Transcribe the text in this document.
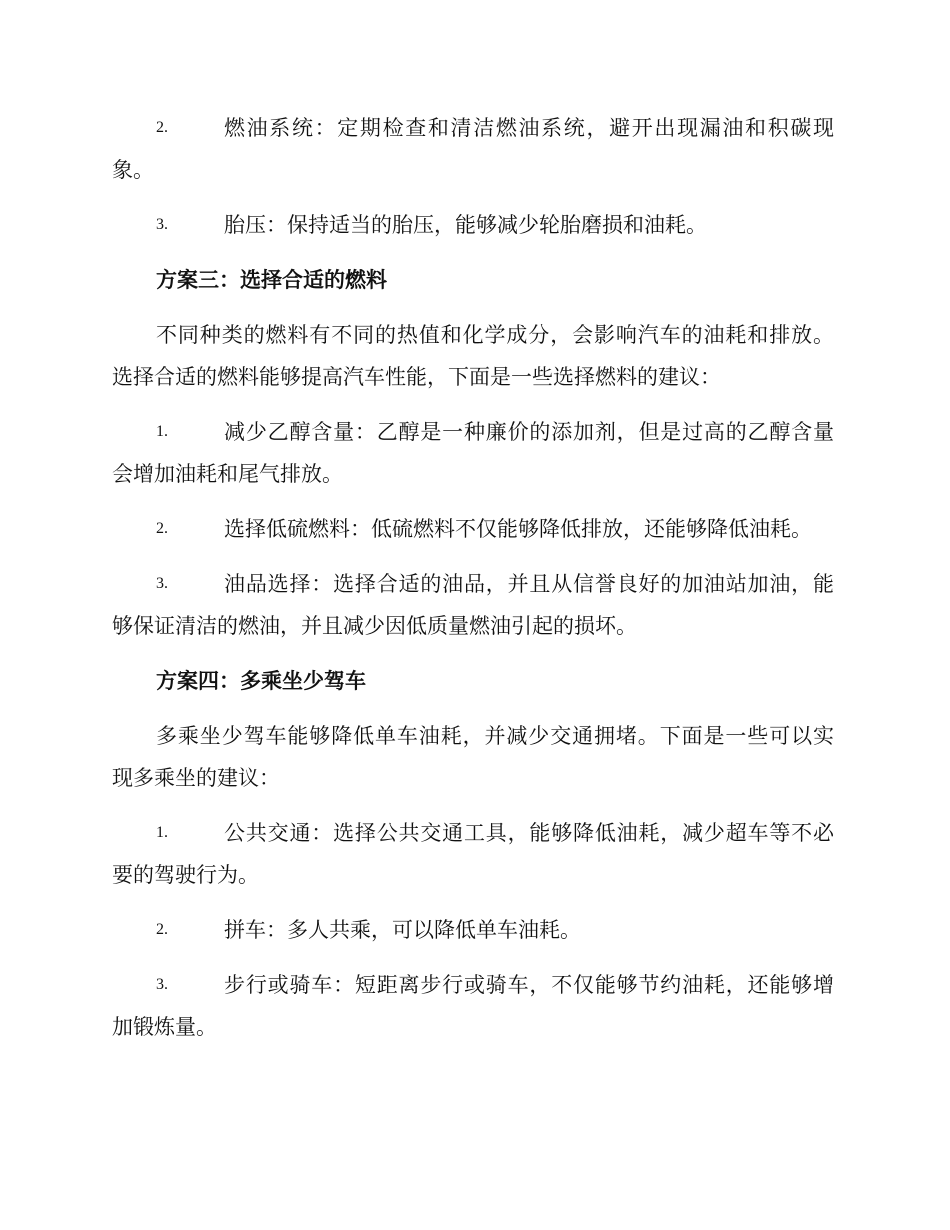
2.	燃油系统：定期检查和清洁燃油系统，避开出现漏油和积碳现
象。
3.	胎压：保持适当的胎压，能够减少轮胎磨损和油耗。
方案三：选择合适的燃料
不同种类的燃料有不同的热值和化学成分，会影响汽车的油耗和排放。
选择合适的燃料能够提高汽车性能，下面是一些选择燃料的建议：
1.	减少乙醇含量：乙醇是一种廉价的添加剂，但是过高的乙醇含量
会增加油耗和尾气排放。
2.	选择低硫燃料：低硫燃料不仅能够降低排放，还能够降低油耗。
3.	油品选择：选择合适的油品，并且从信誉良好的加油站加油，能
够保证清洁的燃油，并且减少因低质量燃油引起的损坏。
方案四：多乘坐少驾车
多乘坐少驾车能够降低单车油耗，并减少交通拥堵。下面是一些可以实
现多乘坐的建议：
1.	公共交通：选择公共交通工具，能够降低油耗，减少超车等不必
要的驾驶行为。
2.	拼车：多人共乘，可以降低单车油耗。
3.	步行或骑车：短距离步行或骑车，不仅能够节约油耗，还能够增
加锻炼量。
